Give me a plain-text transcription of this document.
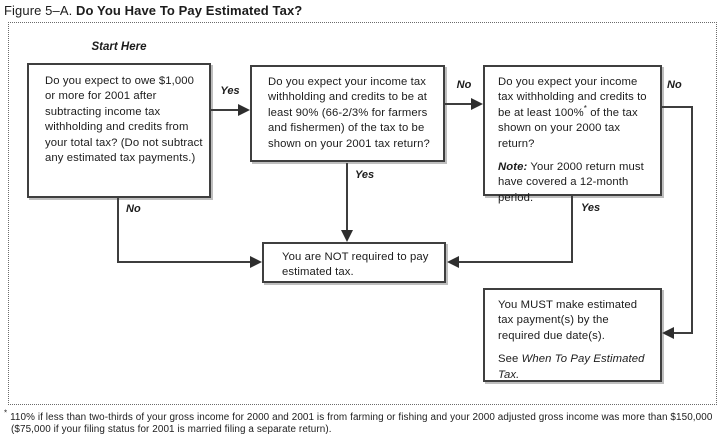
Figure 5–A. Do You Have To Pay Estimated Tax?
Start Here

Do you expect to owe $1,000 or more for 2001 after subtracting income tax withholding and credits from your total tax? (Do not subtract any estimated tax payments.)

Do you expect your income tax withholding and credits to be at least 90% (66-2/3% for farmers and fishermen) of the tax to be shown on your 2001 tax return?

Do you expect your income tax withholding and credits to be at least 100%* of the tax shown on your 2000 tax return?

Note: Your 2000 return must have covered a 12-month period.

You are NOT required to pay estimated tax.

You MUST make estimated tax payment(s) by the required due date(s).

See When To Pay Estimated Tax.

Yes	No
No
Yes
Yes
No
* 110% if less than two-thirds of your gross income for 2000 and 2001 is from farming or fishing and your 2000 adjusted gross income was more than $150,000 ($75,000 if your filing status for 2001 is married filing a separate return).
